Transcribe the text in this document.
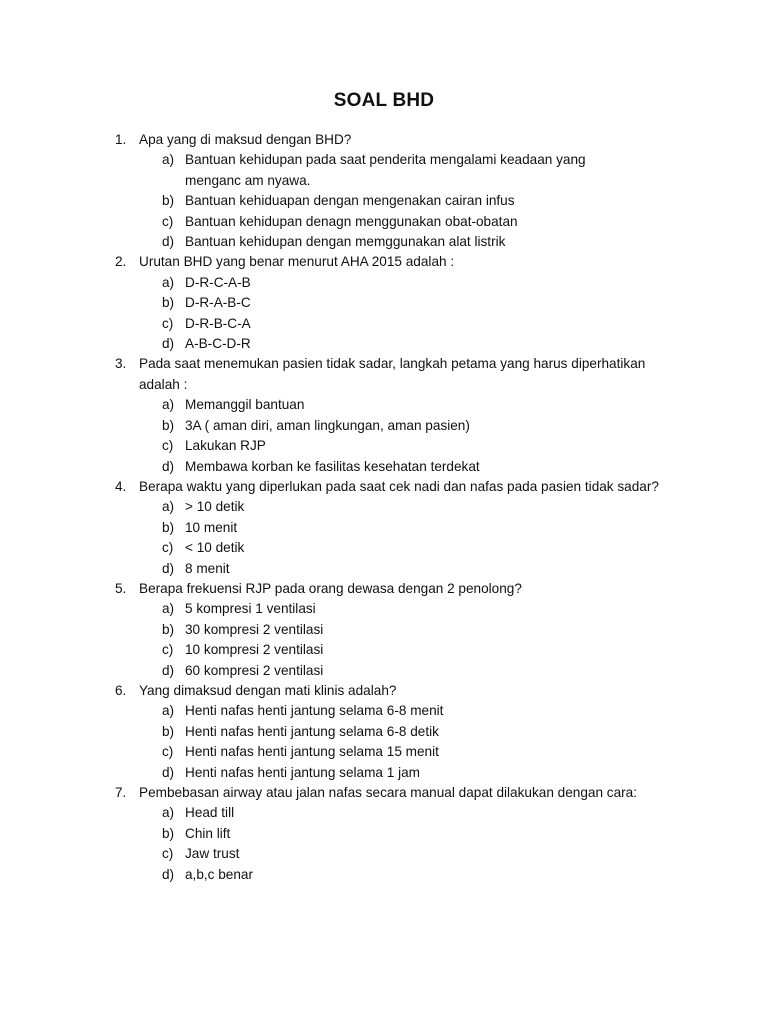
SOAL BHD
1. Apa yang di maksud dengan BHD?
a) Bantuan kehidupan pada saat penderita mengalami keadaan yang menganc am nyawa.
b) Bantuan kehiduapan dengan mengenakan cairan infus
c) Bantuan kehidupan denagn menggunakan obat-obatan
d) Bantuan kehidupan dengan memggunakan alat listrik
2. Urutan BHD yang benar menurut AHA 2015 adalah :
a) D-R-C-A-B
b) D-R-A-B-C
c) D-R-B-C-A
d) A-B-C-D-R
3. Pada saat menemukan pasien tidak sadar, langkah petama yang harus diperhatikan adalah :
a) Memanggil bantuan
b) 3A ( aman diri, aman lingkungan, aman pasien)
c) Lakukan RJP
d) Membawa korban ke fasilitas kesehatan terdekat
4. Berapa waktu yang diperlukan pada saat cek nadi dan nafas pada pasien tidak sadar?
a) > 10 detik
b) 10 menit
c) < 10 detik
d) 8 menit
5. Berapa frekuensi RJP pada orang dewasa dengan 2 penolong?
a) 5 kompresi 1 ventilasi
b) 30 kompresi 2 ventilasi
c) 10 kompresi 2 ventilasi
d) 60 kompresi 2 ventilasi
6. Yang dimaksud dengan mati klinis adalah?
a) Henti nafas henti jantung selama 6-8 menit
b) Henti nafas henti jantung selama 6-8 detik
c) Henti nafas henti jantung selama 15 menit
d) Henti nafas henti jantung selama 1 jam
7. Pembebasan airway atau jalan nafas secara manual dapat dilakukan dengan cara:
a) Head till
b) Chin lift
c) Jaw trust
d) a,b,c benar
